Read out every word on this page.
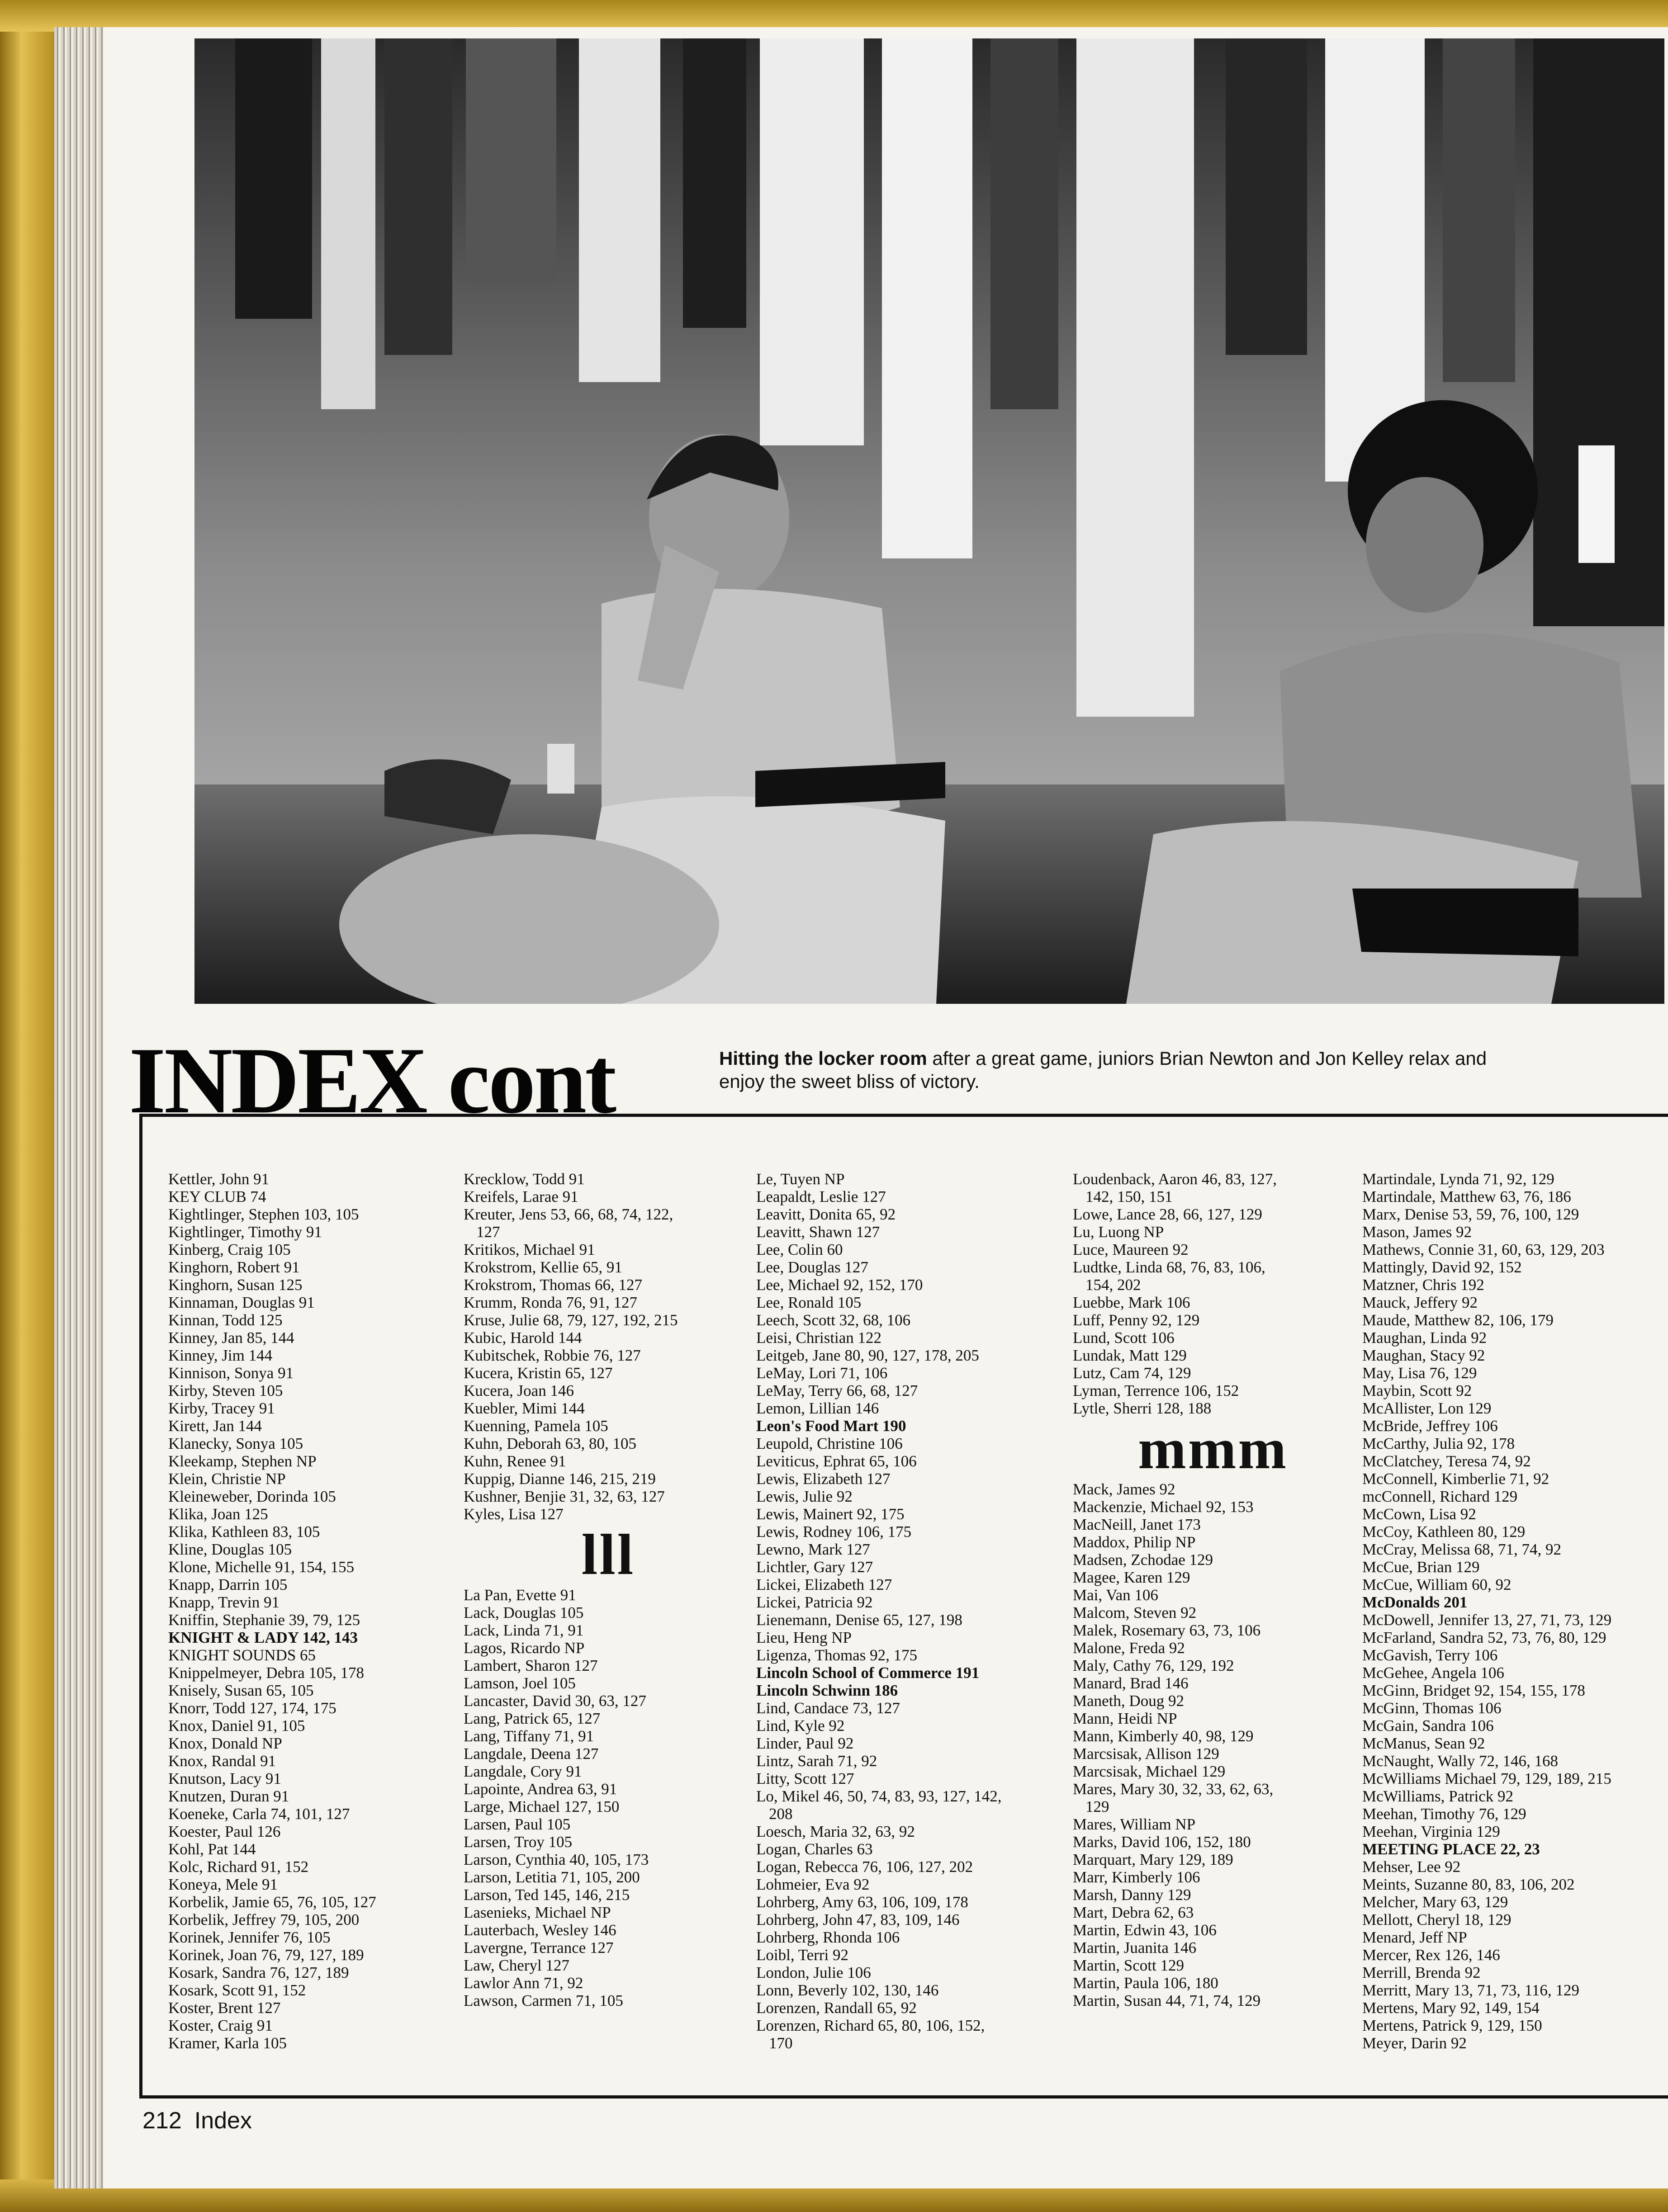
INDEX cont	Hitting the locker room after a great game, juniors Brian Newton and Jon Kelley relax and enjoy the sweet bliss of victory.

Kettler, John 91
KEY CLUB 74
Kightlinger, Stephen 103, 105
Kightlinger, Timothy 91
Kinberg, Craig 105
Kinghorn, Robert 91
Kinghorn, Susan 125
Kinnaman, Douglas 91
Kinnan, Todd 125
Kinney, Jan 85, 144
Kinney, Jim 144
Kinnison, Sonya 91
Kirby, Steven 105
Kirby, Tracey 91
Kirett, Jan 144
Klanecky, Sonya 105
Kleekamp, Stephen NP
Klein, Christie NP
Kleineweber, Dorinda 105
Klika, Joan 125
Klika, Kathleen 83, 105
Kline, Douglas 105
Klone, Michelle 91, 154, 155
Knapp, Darrin 105
Knapp, Trevin 91
Kniffin, Stephanie 39, 79, 125
KNIGHT & LADY 142, 143
KNIGHT SOUNDS 65
Knippelmeyer, Debra 105, 178
Knisely, Susan 65, 105
Knorr, Todd 127, 174, 175
Knox, Daniel 91, 105
Knox, Donald NP
Knox, Randal 91
Knutson, Lacy 91
Knutzen, Duran 91
Koeneke, Carla 74, 101, 127
Koester, Paul 126
Kohl, Pat 144
Kolc, Richard 91, 152
Koneya, Mele 91
Korbelik, Jamie 65, 76, 105, 127
Korbelik, Jeffrey 79, 105, 200
Korinek, Jennifer 76, 105
Korinek, Joan 76, 79, 127, 189
Kosark, Sandra 76, 127, 189
Kosark, Scott 91, 152
Koster, Brent 127
Koster, Craig 91
Kramer, Karla 105
Krecklow, Todd 91
Kreifels, Larae 91
Kreuter, Jens 53, 66, 68, 74, 122,
127
Kritikos, Michael 91
Krokstrom, Kellie 65, 91
Krokstrom, Thomas 66, 127
Krumm, Ronda 76, 91, 127
Kruse, Julie 68, 79, 127, 192, 215
Kubic, Harold 144
Kubitschek, Robbie 76, 127
Kucera, Kristin 65, 127
Kucera, Joan 146
Kuebler, Mimi 144
Kuenning, Pamela 105
Kuhn, Deborah 63, 80, 105
Kuhn, Renee 91
Kuppig, Dianne 146, 215, 219
Kushner, Benjie 31, 32, 63, 127
Kyles, Lisa 127
lll
La Pan, Evette 91
Lack, Douglas 105
Lack, Linda 71, 91
Lagos, Ricardo NP
Lambert, Sharon 127
Lamson, Joel 105
Lancaster, David 30, 63, 127
Lang, Patrick 65, 127
Lang, Tiffany 71, 91
Langdale, Deena 127
Langdale, Cory 91
Lapointe, Andrea 63, 91
Large, Michael 127, 150
Larsen, Paul 105
Larsen, Troy 105
Larson, Cynthia 40, 105, 173
Larson, Letitia 71, 105, 200
Larson, Ted 145, 146, 215
Lasenieks, Michael NP
Lauterbach, Wesley 146
Lavergne, Terrance 127
Law, Cheryl 127
Lawlor Ann 71, 92
Lawson, Carmen 71, 105
Le, Tuyen NP
Leapaldt, Leslie 127
Leavitt, Donita 65, 92
Leavitt, Shawn 127
Lee, Colin 60
Lee, Douglas 127
Lee, Michael 92, 152, 170
Lee, Ronald 105
Leech, Scott 32, 68, 106
Leisi, Christian 122
Leitgeb, Jane 80, 90, 127, 178, 205
LeMay, Lori 71, 106
LeMay, Terry 66, 68, 127
Lemon, Lillian 146
Leon's Food Mart 190
Leupold, Christine 106
Leviticus, Ephrat 65, 106
Lewis, Elizabeth 127
Lewis, Julie 92
Lewis, Mainert 92, 175
Lewis, Rodney 106, 175
Lewno, Mark 127
Lichtler, Gary 127
Lickei, Elizabeth 127
Lickei, Patricia 92
Lienemann, Denise 65, 127, 198
Lieu, Heng NP
Ligenza, Thomas 92, 175
Lincoln School of Commerce 191
Lincoln Schwinn 186
Lind, Candace 73, 127
Lind, Kyle 92
Linder, Paul 92
Lintz, Sarah 71, 92
Litty, Scott 127
Lo, Mikel 46, 50, 74, 83, 93, 127, 142,
208
Loesch, Maria 32, 63, 92
Logan, Charles 63
Logan, Rebecca 76, 106, 127, 202
Lohmeier, Eva 92
Lohrberg, Amy 63, 106, 109, 178
Lohrberg, John 47, 83, 109, 146
Lohrberg, Rhonda 106
Loibl, Terri 92
London, Julie 106
Lonn, Beverly 102, 130, 146
Lorenzen, Randall 65, 92
Lorenzen, Richard 65, 80, 106, 152,
170
Loudenback, Aaron 46, 83, 127,
142, 150, 151
Lowe, Lance 28, 66, 127, 129
Lu, Luong NP
Luce, Maureen 92
Ludtke, Linda 68, 76, 83, 106,
154, 202
Luebbe, Mark 106
Luff, Penny 92, 129
Lund, Scott 106
Lundak, Matt 129
Lutz, Cam 74, 129
Lyman, Terrence 106, 152
Lytle, Sherri 128, 188
mmm
Mack, James 92
Mackenzie, Michael 92, 153
MacNeill, Janet 173
Maddox, Philip NP
Madsen, Zchodae 129
Magee, Karen 129
Mai, Van 106
Malcom, Steven 92
Malek, Rosemary 63, 73, 106
Malone, Freda 92
Maly, Cathy 76, 129, 192
Manard, Brad 146
Maneth, Doug 92
Mann, Heidi NP
Mann, Kimberly 40, 98, 129
Marcsisak, Allison 129
Marcsisak, Michael 129
Mares, Mary 30, 32, 33, 62, 63,
129
Mares, William NP
Marks, David 106, 152, 180
Marquart, Mary 129, 189
Marr, Kimberly 106
Marsh, Danny 129
Mart, Debra 62, 63
Martin, Edwin 43, 106
Martin, Juanita 146
Martin, Scott 129
Martin, Paula 106, 180
Martin, Susan 44, 71, 74, 129
Martindale, Lynda 71, 92, 129
Martindale, Matthew 63, 76, 186
Marx, Denise 53, 59, 76, 100, 129
Mason, James 92
Mathews, Connie 31, 60, 63, 129, 203
Mattingly, David 92, 152
Matzner, Chris 192
Mauck, Jeffery 92
Maude, Matthew 82, 106, 179
Maughan, Linda 92
Maughan, Stacy 92
May, Lisa 76, 129
Maybin, Scott 92
McAllister, Lon 129
McBride, Jeffrey 106
McCarthy, Julia 92, 178
McClatchey, Teresa 74, 92
McConnell, Kimberlie 71, 92
mcConnell, Richard 129
McCown, Lisa 92
McCoy, Kathleen 80, 129
McCray, Melissa 68, 71, 74, 92
McCue, Brian 129
McCue, William 60, 92
McDonalds 201
McDowell, Jennifer 13, 27, 71, 73, 129
McFarland, Sandra 52, 73, 76, 80, 129
McGavish, Terry 106
McGehee, Angela 106
McGinn, Bridget 92, 154, 155, 178
McGinn, Thomas 106
McGain, Sandra 106
McManus, Sean 92
McNaught, Wally 72, 146, 168
McWilliams Michael 79, 129, 189, 215
McWilliams, Patrick 92
Meehan, Timothy 76, 129
Meehan, Virginia 129
MEETING PLACE 22, 23
Mehser, Lee 92
Meints, Suzanne 80, 83, 106, 202
Melcher, Mary 63, 129
Mellott, Cheryl 18, 129
Menard, Jeff NP
Mercer, Rex 126, 146
Merrill, Brenda 92
Merritt, Mary 13, 71, 73, 116, 129
Mertens, Mary 92, 149, 154
Mertens, Patrick 9, 129, 150
Meyer, Darin 92

212 Index
